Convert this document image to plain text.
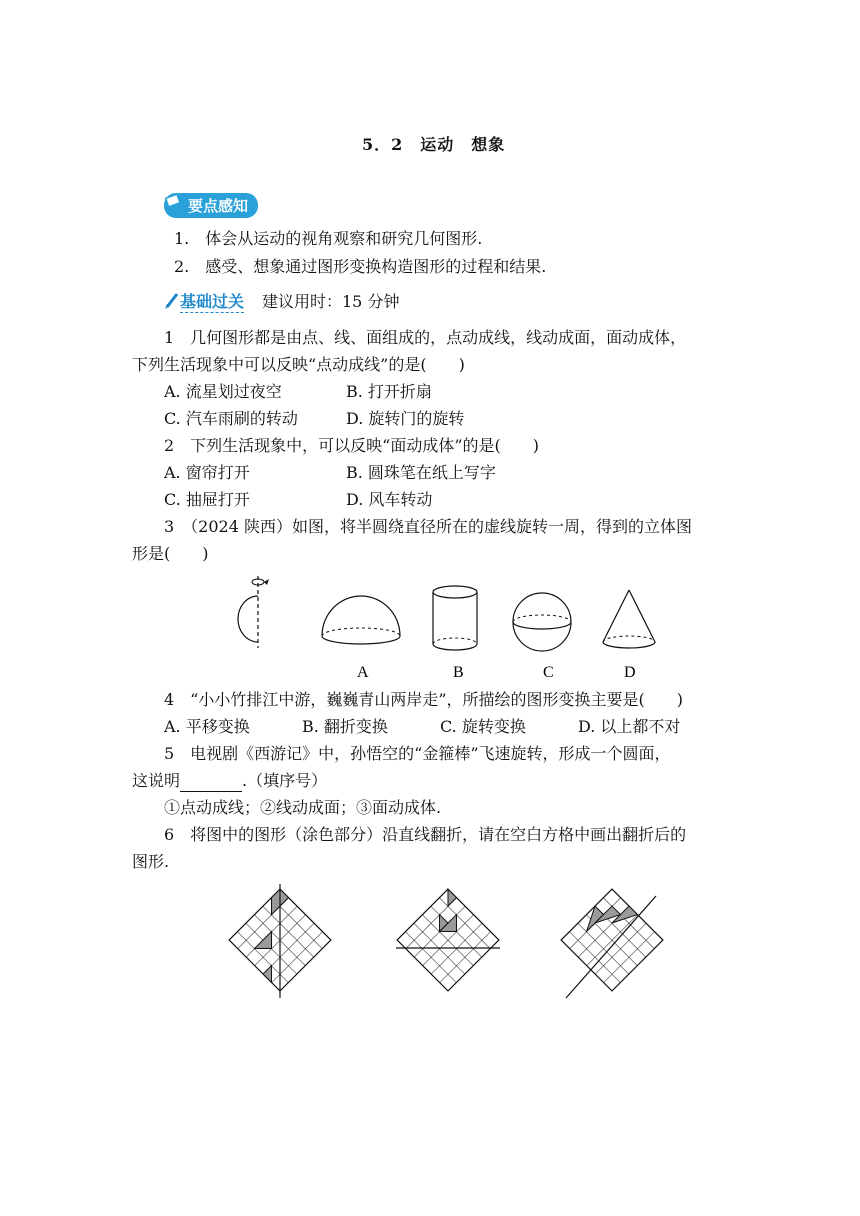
5．2　运动　想象
要点感知
1.　体会从运动的视角观察和研究几何图形.
2.　感受、想象通过图形变换构造图形的过程和结果.
基础过关 建议用时：15 分钟
1　几何图形都是由点、线、面组成的，点动成线，线动成面，面动成体，
下列生活现象中可以反映“点动成线”的是(　　)
A. 流星划过夜空	B. 打开折扇
C. 汽车雨刷的转动	D. 旋转门的旋转
2　下列生活现象中，可以反映“面动成体”的是(　　)
A. 窗帘打开	B. 圆珠笔在纸上写字
C. 抽屉打开	D. 风车转动
3　（2024 陕西）如图，将半圆绕直径所在的虚线旋转一周，得到的立体图
形是(　　)
A	B	C	D
4　“小小竹排江中游，巍巍青山两岸走”，所描绘的图形变换主要是(　　)
A. 平移变换	B. 翻折变换	C. 旋转变换	D. 以上都不对
5　电视剧《西游记》中，孙悟空的“金箍棒”飞速旋转，形成一个圆面，
这说明	.（填序号）
①点动成线；②线动成面；③面动成体.
6　将图中的图形（涂色部分）沿直线翻折，请在空白方格中画出翻折后的
图形.
